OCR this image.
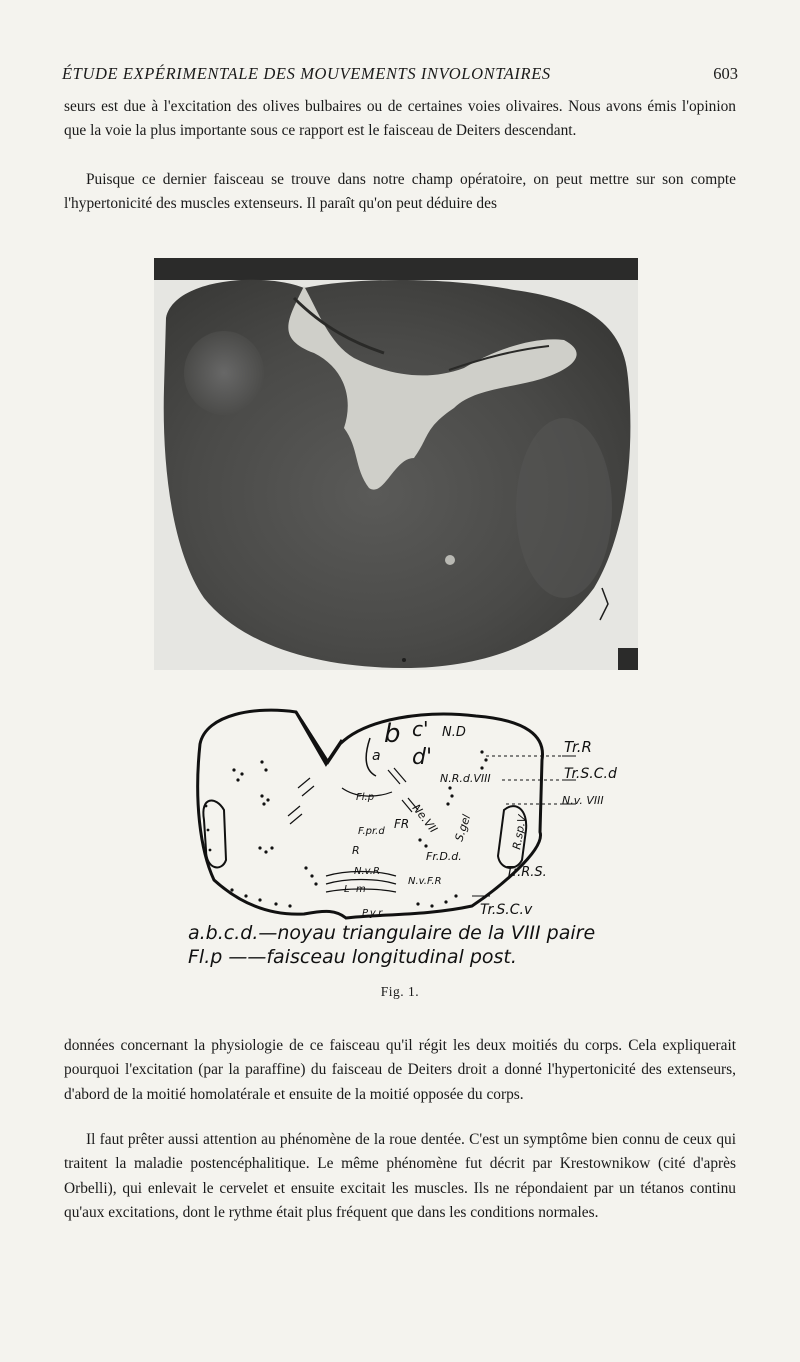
ÉTUDE EXPÉRIMENTALE DES MOUVEMENTS INVOLONTAIRES	603

seurs est due à l'excitation des olives bulbaires ou de certaines voies olivaires. Nous avons émis l'opinion que la voie la plus importante sous ce rapport est le faisceau de Deiters descendant.

Puisque ce dernier faisceau se trouve dans notre champ opératoire, on peut mettre sur son compte l'hypertonicité des muscles extenseurs. Il paraît qu'on peut déduire des

b c'
d'
N.D
a	Tr.R
Tr.S.C.d
N.v. VIII
N.R.d.VIII
Ne.VII
Fl.p
F.pr.d
FR
R
S.gel	R.sp.V
Fr.D.d.
N.v.R
N.v.F.R
Tr.R.S.
L m
P.y.r	Tr.S.C.v
a.b.c.d.—noyau triangulaire de la VIII paire
Fl.p ——faisceau longitudinal post.
Fig. 1.

données concernant la physiologie de ce faisceau qu'il régit les deux moitiés du corps. Cela expliquerait pourquoi l'excitation (par la paraffine) du faisceau de Deiters droit a donné l'hypertonicité des extenseurs, d'abord de la moitié homolatérale et ensuite de la moitié opposée du corps.

Il faut prêter aussi attention au phénomène de la roue dentée. C'est un symptôme bien connu de ceux qui traitent la maladie postencéphalitique. Le même phénomène fut décrit par Krestownikow (cité d'après Orbelli), qui enlevait le cervelet et ensuite excitait les muscles. Ils ne répondaient par un tétanos continu qu'aux excitations, dont le rythme était plus fréquent que dans les conditions normales.
